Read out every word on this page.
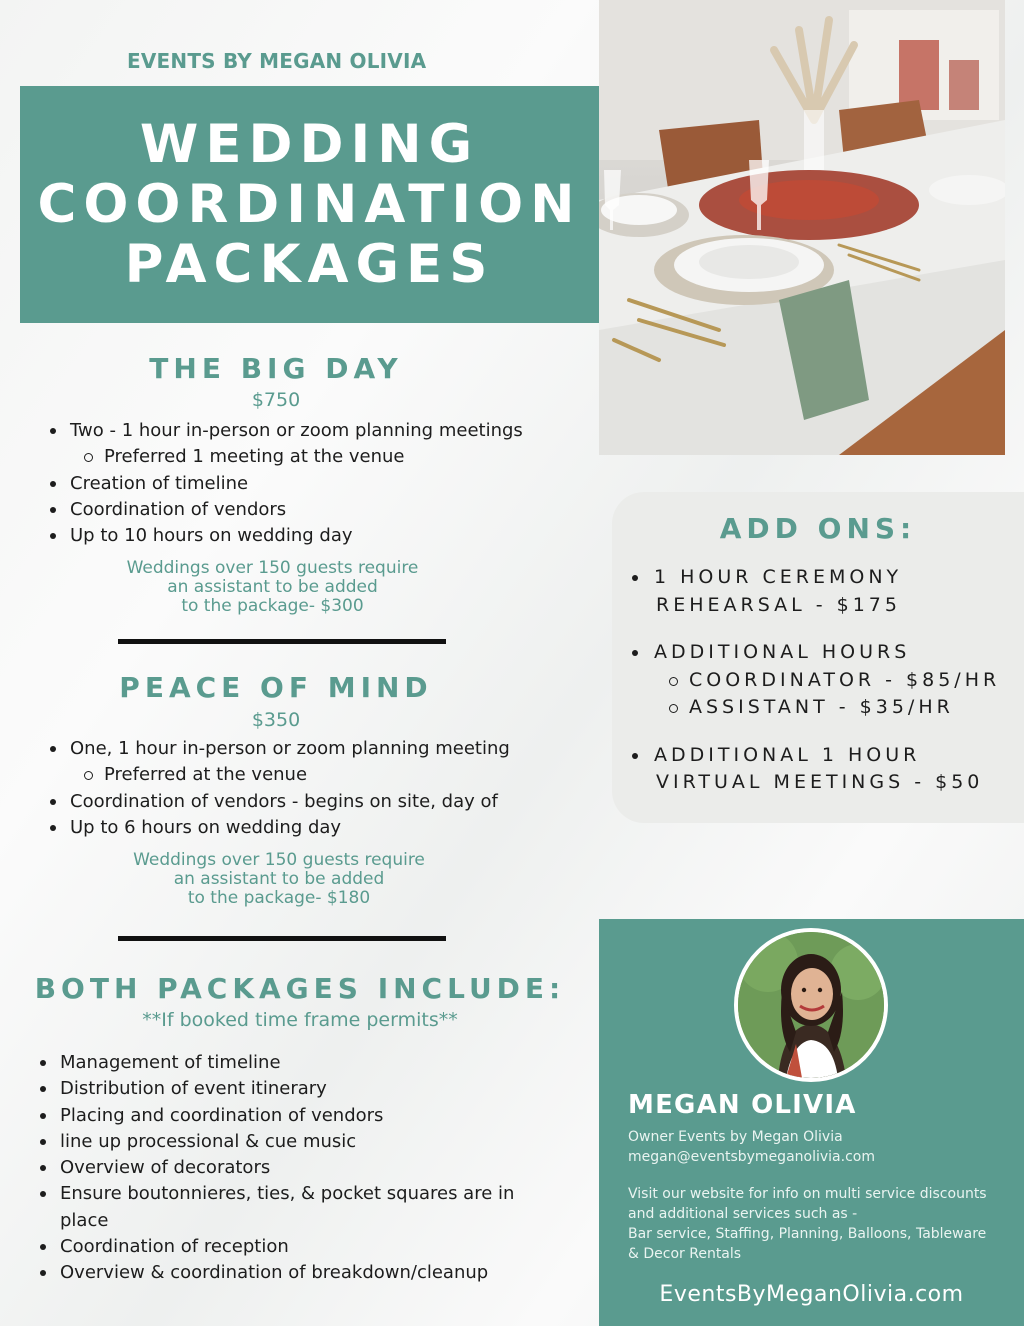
EVENTS BY MEGAN OLIVIA
WEDDING
COORDINATION
PACKAGES
THE BIG DAY
$750
Two - 1 hour in-person or zoom planning meetings
Preferred 1 meeting at the venue
Creation of timeline
Coordination of vendors
Up to 10 hours on wedding day
Weddings over 150 guests require
an assistant to be added
to the package- $300
PEACE OF MIND
$350
One, 1 hour in-person or zoom planning meeting
Preferred at the venue
Coordination of vendors - begins on site, day of
Up to 6 hours on wedding day
Weddings over 150 guests require
an assistant to be added
to the package- $180
BOTH PACKAGES INCLUDE:
**If booked time frame permits**
Management of timeline
Distribution of event itinerary
Placing and coordination of vendors
line up processional & cue music
Overview of decorators
Ensure boutonnieres, ties, & pocket squares are in
place
Coordination of reception
Overview & coordination of breakdown/cleanup
ADD ONS:
1 HOUR CEREMONY
REHEARSAL - $175
ADDITIONAL HOURS
COORDINATOR - $85/HR
ASSISTANT - $35/HR
ADDITIONAL 1 HOUR
VIRTUAL MEETINGS - $50
MEGAN OLIVIA
Owner Events by Megan Olivia
megan@eventsbymeganolivia.com
Visit our website for info on multi service discounts
and additional services such as -
Bar service, Staffing, Planning, Balloons, Tableware
& Decor Rentals
EventsByMeganOlivia.com
